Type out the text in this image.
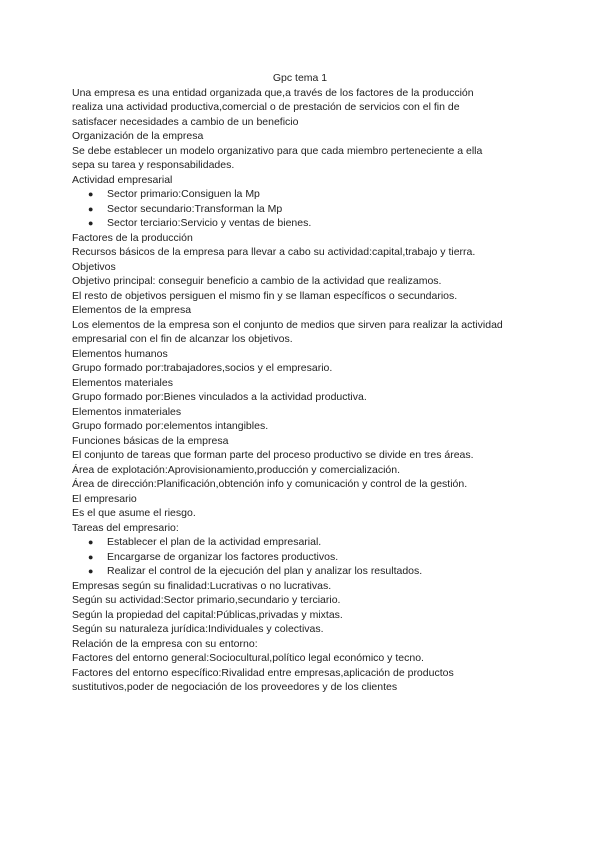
Gpc tema 1

Una empresa es una entidad organizada que,a través de los factores de la producción

realiza una actividad productiva,comercial o de prestación de servicios con el fin de

satisfacer necesidades a cambio de un beneficio

Organización de la empresa

Se debe establecer un modelo organizativo para que cada miembro perteneciente a ella

sepa su tarea y responsabilidades.

Actividad empresarial

● Sector primario:Consiguen la Mp
● Sector secundario:Transforman la Mp
● Sector terciario:Servicio y ventas de bienes.

Factores de la producción

Recursos básicos de la empresa para llevar a cabo su actividad:capital,trabajo y tierra.

Objetivos

Objetivo principal: conseguir beneficio a cambio de la actividad que realizamos.

El resto de objetivos persiguen el mismo fin y se llaman específicos o secundarios.

Elementos de la empresa

Los elementos de la empresa son el conjunto de medios que sirven para realizar la actividad

empresarial con el fin de alcanzar los objetivos.

Elementos humanos

Grupo formado por:trabajadores,socios y el empresario.

Elementos materiales

Grupo formado por:Bienes vinculados a la actividad productiva.

Elementos inmateriales

Grupo formado por:elementos intangibles.

Funciones básicas de la empresa

El conjunto de tareas que forman parte del proceso productivo se divide en tres áreas.

Área de explotación:Aprovisionamiento,producción y comercialización.

Área de dirección:Planificación,obtención info y comunicación y control de la gestión.

El empresario

Es el que asume el riesgo.

Tareas del empresario:

● Establecer el plan de la actividad empresarial.
● Encargarse de organizar los factores productivos.
● Realizar el control de la ejecución del plan y analizar los resultados.

Empresas según su finalidad:Lucrativas o no lucrativas.

Según su actividad:Sector primario,secundario y terciario.

Según la propiedad del capital:Públicas,privadas y mixtas.

Según su naturaleza jurídica:Individuales y colectivas.

Relación de la empresa con su entorno:

Factores del entorno general:Sociocultural,político legal económico y tecno.

Factores del entorno específico:Rivalidad entre empresas,aplicación de productos

sustitutivos,poder de negociación de los proveedores y de los clientes
